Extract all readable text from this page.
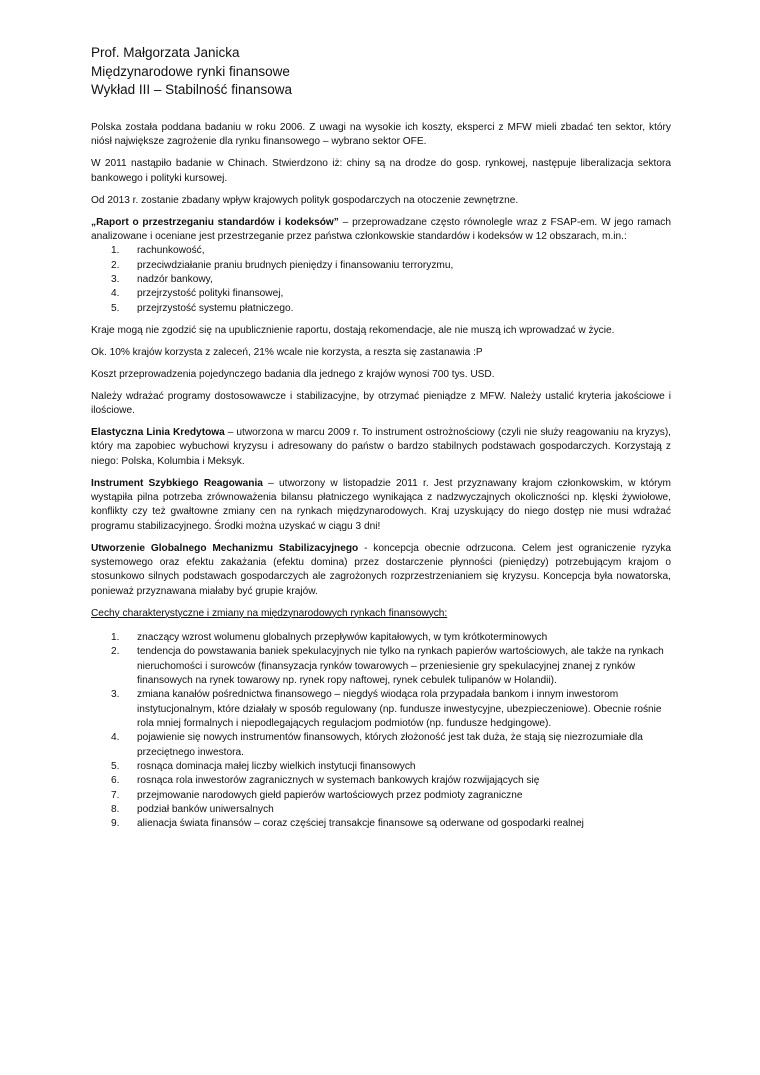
Prof. Małgorzata Janicka
Międzynarodowe rynki finansowe
Wykład III – Stabilność finansowa

Polska została poddana badaniu w roku 2006. Z uwagi na wysokie ich koszty, eksperci z MFW mieli zbadać ten sektor, który niósł największe zagrożenie dla rynku finansowego – wybrano sektor OFE.

W 2011 nastąpiło badanie w Chinach. Stwierdzono iż: chiny są na drodze do gosp. rynkowej, następuje liberalizacja sektora bankowego i polityki kursowej.

Od 2013 r. zostanie zbadany wpływ krajowych polityk gospodarczych na otoczenie zewnętrzne.

„Raport o przestrzeganiu standardów i kodeksów” – przeprowadzane często równolegle wraz z FSAP-em. W jego ramach analizowane i oceniane jest przestrzeganie przez państwa członkowskie standardów i kodeksów w 12 obszarach, m.in.:

1. rachunkowość,
2. przeciwdziałanie praniu brudnych pieniędzy i finansowaniu terroryzmu,
3. nadzór bankowy,
4. przejrzystość polityki finansowej,
5. przejrzystość systemu płatniczego.

Kraje mogą nie zgodzić się na upublicznienie raportu, dostają rekomendacje, ale nie muszą ich wprowadzać w życie.

Ok. 10% krajów korzysta z zaleceń, 21% wcale nie korzysta, a reszta się zastanawia :P

Koszt przeprowadzenia pojedynczego badania dla jednego z krajów wynosi 700 tys. USD.

Należy wdrażać programy dostosowawcze i stabilizacyjne, by otrzymać pieniądze z MFW. Należy ustalić kryteria jakościowe i ilościowe.

Elastyczna Linia Kredytowa – utworzona w marcu 2009 r. To instrument ostrożnościowy (czyli nie służy reagowaniu na kryzys), który ma zapobiec wybuchowi kryzysu i adresowany do państw o bardzo stabilnych podstawach gospodarczych. Korzystają z niego: Polska, Kolumbia i Meksyk.

Instrument Szybkiego Reagowania – utworzony w listopadzie 2011 r. Jest przyznawany krajom członkowskim, w którym wystąpiła pilna potrzeba zrównoważenia bilansu płatniczego wynikająca z nadzwyczajnych okoliczności np. klęski żywiołowe, konflikty czy też gwałtowne zmiany cen na rynkach międzynarodowych. Kraj uzyskujący do niego dostęp nie musi wdrażać programu stabilizacyjnego. Środki można uzyskać w ciągu 3 dni!

Utworzenie Globalnego Mechanizmu Stabilizacyjnego - koncepcja obecnie odrzucona. Celem jest ograniczenie ryzyka systemowego oraz efektu zakażania (efektu domina) przez dostarczenie płynności (pieniędzy) potrzebującym krajom o stosunkowo silnych podstawach gospodarczych ale zagrożonych rozprzestrzenianiem się kryzysu. Koncepcja była nowatorska, ponieważ przyznawana miałaby być grupie krajów.

Cechy charakterystyczne i zmiany na międzynarodowych rynkach finansowych:

1. znaczący wzrost wolumenu globalnych przepływów kapitałowych, w tym krótkoterminowych
2. tendencja do powstawania baniek spekulacyjnych nie tylko na rynkach papierów wartościowych, ale także na rynkach nieruchomości i surowców (finansyzacja rynków towarowych – przeniesienie gry spekulacyjnej znanej z rynków finansowych na rynek towarowy np. rynek ropy naftowej, rynek cebulek tulipanów w Holandii).
3. zmiana kanałów pośrednictwa finansowego – niegdyś wiodąca rola przypadała bankom i innym inwestorom instytucjonalnym, które działały w sposób regulowany (np. fundusze inwestycyjne, ubezpieczeniowe). Obecnie rośnie rola mniej formalnych i niepodlegających regulacjom podmiotów (np. fundusze hedgingowe).
4. pojawienie się nowych instrumentów finansowych, których złożoność jest tak duża, że stają się niezrozumiałe dla przeciętnego inwestora.
5. rosnąca dominacja małej liczby wielkich instytucji finansowych
6. rosnąca rola inwestorów zagranicznych w systemach bankowych krajów rozwijających się
7. przejmowanie narodowych giełd papierów wartościowych przez podmioty zagraniczne
8. podział banków uniwersalnych
9. alienacja świata finansów – coraz częściej transakcje finansowe są oderwane od gospodarki realnej
